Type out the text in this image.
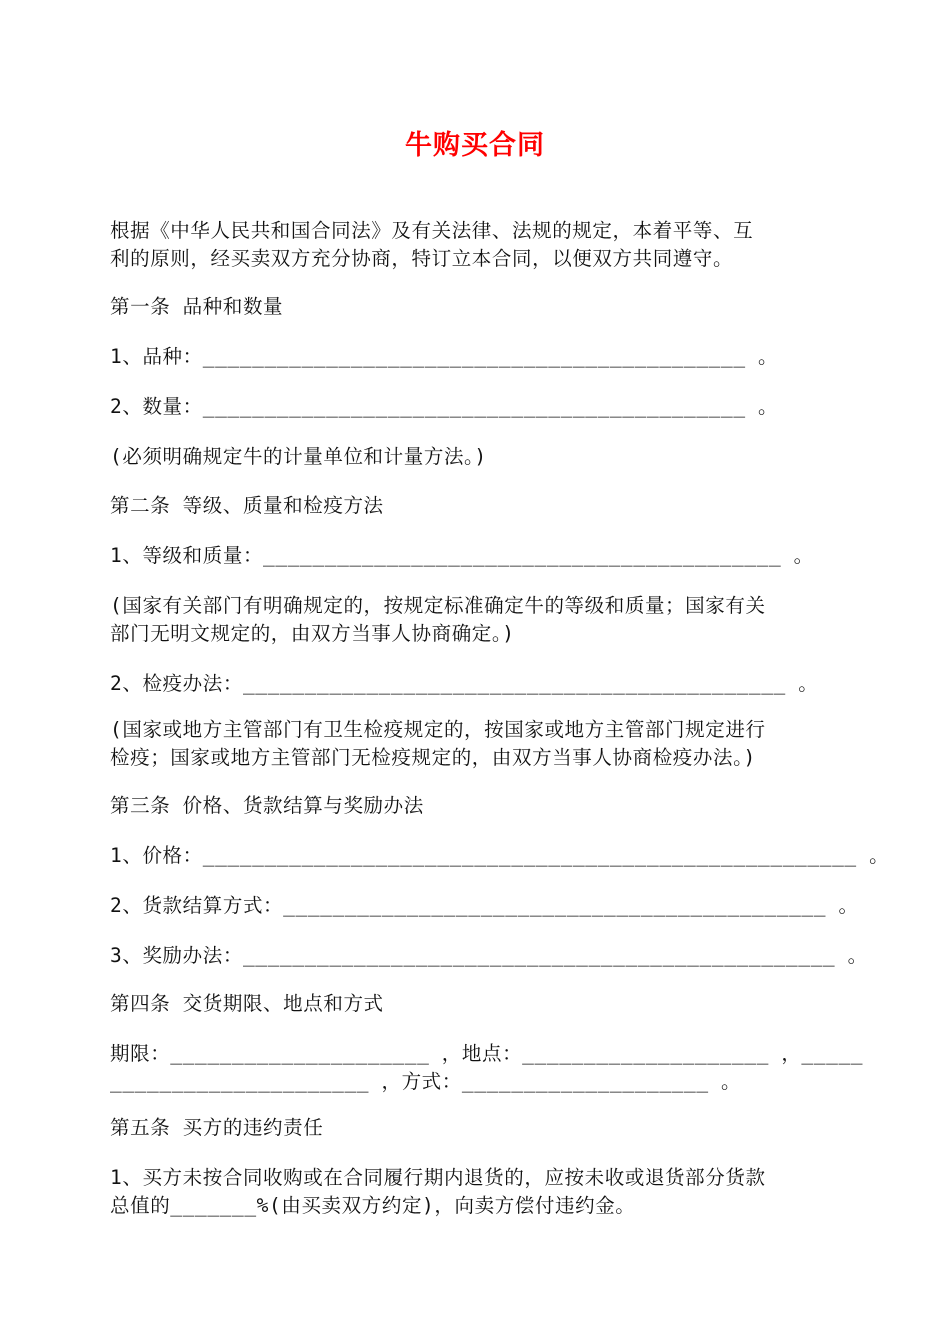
牛购买合同
根据《中华人民共和国合同法》及有关法律、法规的规定，本着平等、互
利的原则，经买卖双方充分协商，特订立本合同，以便双方共同遵守。
第一条 品种和数量
1、品种：____________________________________________ 。
2、数量：____________________________________________ 。
(必须明确规定牛的计量单位和计量方法。)
第二条 等级、质量和检疫方法
1、等级和质量：__________________________________________ 。
(国家有关部门有明确规定的，按规定标准确定牛的等级和质量；国家有关
部门无明文规定的，由双方当事人协商确定。)
2、检疫办法：____________________________________________ 。
(国家或地方主管部门有卫生检疫规定的，按国家或地方主管部门规定进行
检疫；国家或地方主管部门无检疫规定的，由双方当事人协商检疫办法。)
第三条 价格、货款结算与奖励办法
1、价格：_____________________________________________________ 。
2、货款结算方式：____________________________________________ 。
3、奖励办法：________________________________________________ 。
第四条 交货期限、地点和方式
期限：_____________________ ，地点：____________________ ，_____
_____________________ ，方式：____________________ 。
第五条 买方的违约责任
1、买方未按合同收购或在合同履行期内退货的，应按未收或退货部分货款
总值的_______%(由买卖双方约定)，向卖方偿付违约金。
